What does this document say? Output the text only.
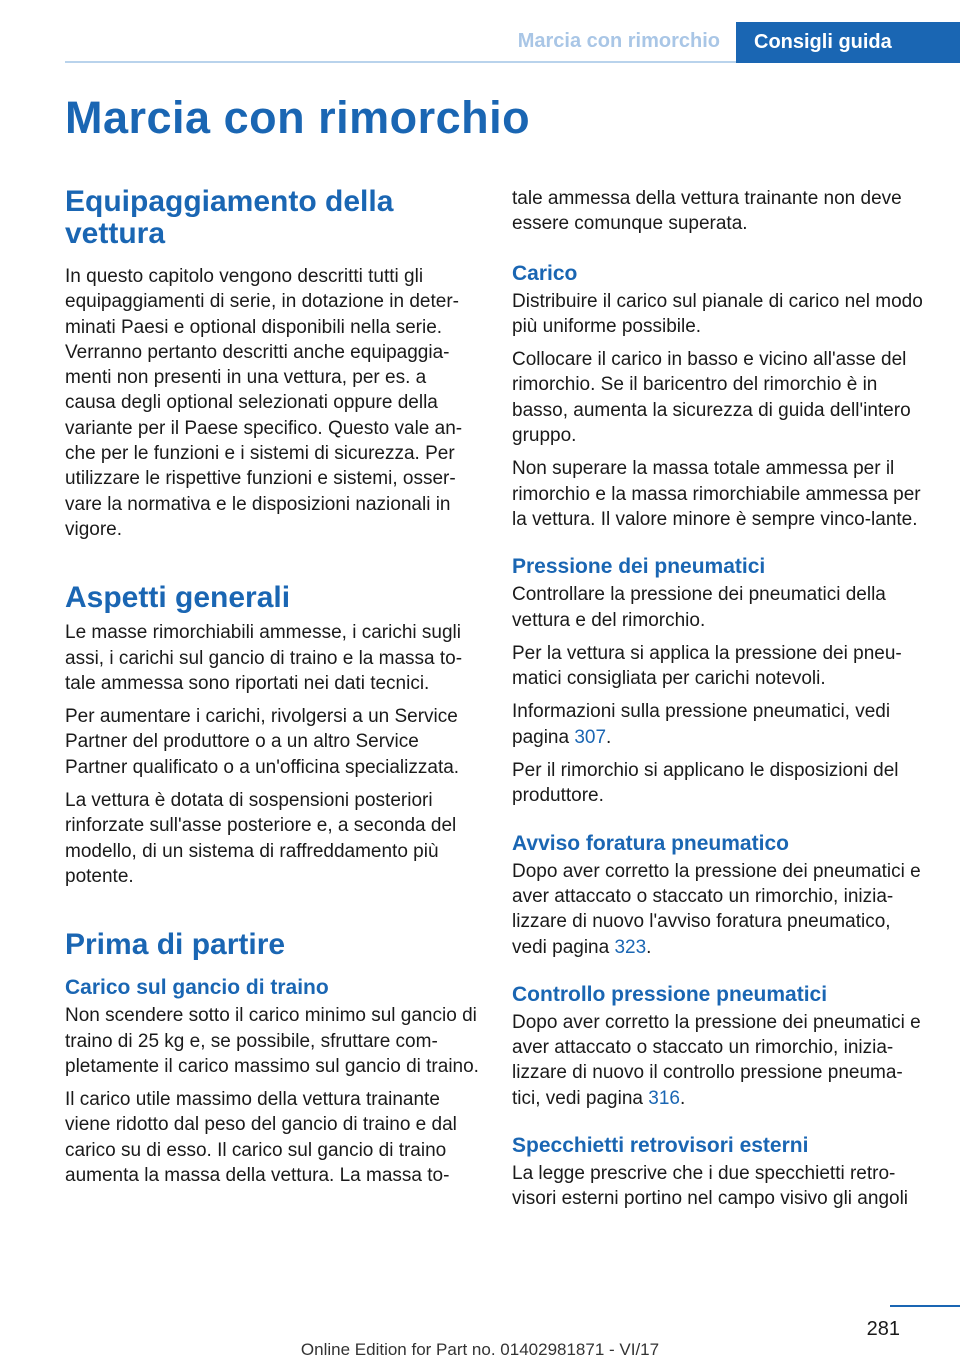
Marcia con rimorchio	Consigli guida
Marcia con rimorchio
Equipaggiamento della vettura

In questo capitolo vengono descritti tutti gli equipaggiamenti di serie, in dotazione in deter‐minati Paesi e optional disponibili nella serie. Verranno pertanto descritti anche equipaggia‐menti non presenti in una vettura, per es. a causa degli optional selezionati oppure della variante per il Paese specifico. Questo vale an‐che per le funzioni e i sistemi di sicurezza. Per utilizzare le rispettive funzioni e sistemi, osser‐vare la normativa e le disposizioni nazionali in vigore.

Aspetti generali

Le masse rimorchiabili ammesse, i carichi sugli assi, i carichi sul gancio di traino e la massa to‐tale ammessa sono riportati nei dati tecnici.

Per aumentare i carichi, rivolgersi a un Service Partner del produttore o a un altro Service Partner qualificato o a un'officina specializzata.

La vettura è dotata di sospensioni posteriori rinforzate sull'asse posteriore e, a seconda del modello, di un sistema di raffreddamento più potente.

Prima di partire
Carico sul gancio di traino

Non scendere sotto il carico minimo sul gancio di traino di 25 kg e, se possibile, sfruttare com‐pletamente il carico massimo sul gancio di traino.

Il carico utile massimo della vettura trainante viene ridotto dal peso del gancio di traino e dal carico su di esso. Il carico sul gancio di traino aumenta la massa della vettura. La massa to‐

tale ammessa della vettura trainante non deve essere comunque superata.

Carico

Distribuire il carico sul pianale di carico nel modo più uniforme possibile.

Collocare il carico in basso e vicino all'asse del rimorchio. Se il baricentro del rimorchio è in basso, aumenta la sicurezza di guida dell'intero gruppo.

Non superare la massa totale ammessa per il rimorchio e la massa rimorchiabile ammessa per la vettura. Il valore minore è sempre vinco‐lante.

Pressione dei pneumatici

Controllare la pressione dei pneumatici della vettura e del rimorchio.

Per la vettura si applica la pressione dei pneu‐matici consigliata per carichi notevoli.

Informazioni sulla pressione pneumatici, vedi pagina 307.

Per il rimorchio si applicano le disposizioni del produttore.

Avviso foratura pneumatico

Dopo aver corretto la pressione dei pneumatici e aver attaccato o staccato un rimorchio, inizia‐lizzare di nuovo l'avviso foratura pneumatico, vedi pagina 323.

Controllo pressione pneumatici

Dopo aver corretto la pressione dei pneumatici e aver attaccato o staccato un rimorchio, inizia‐lizzare di nuovo il controllo pressione pneuma‐tici, vedi pagina 316.

Specchietti retrovisori esterni

La legge prescrive che i due specchietti retro‐visori esterni portino nel campo visivo gli angoli

281
Online Edition for Part no. 01402981871 - VI/17
